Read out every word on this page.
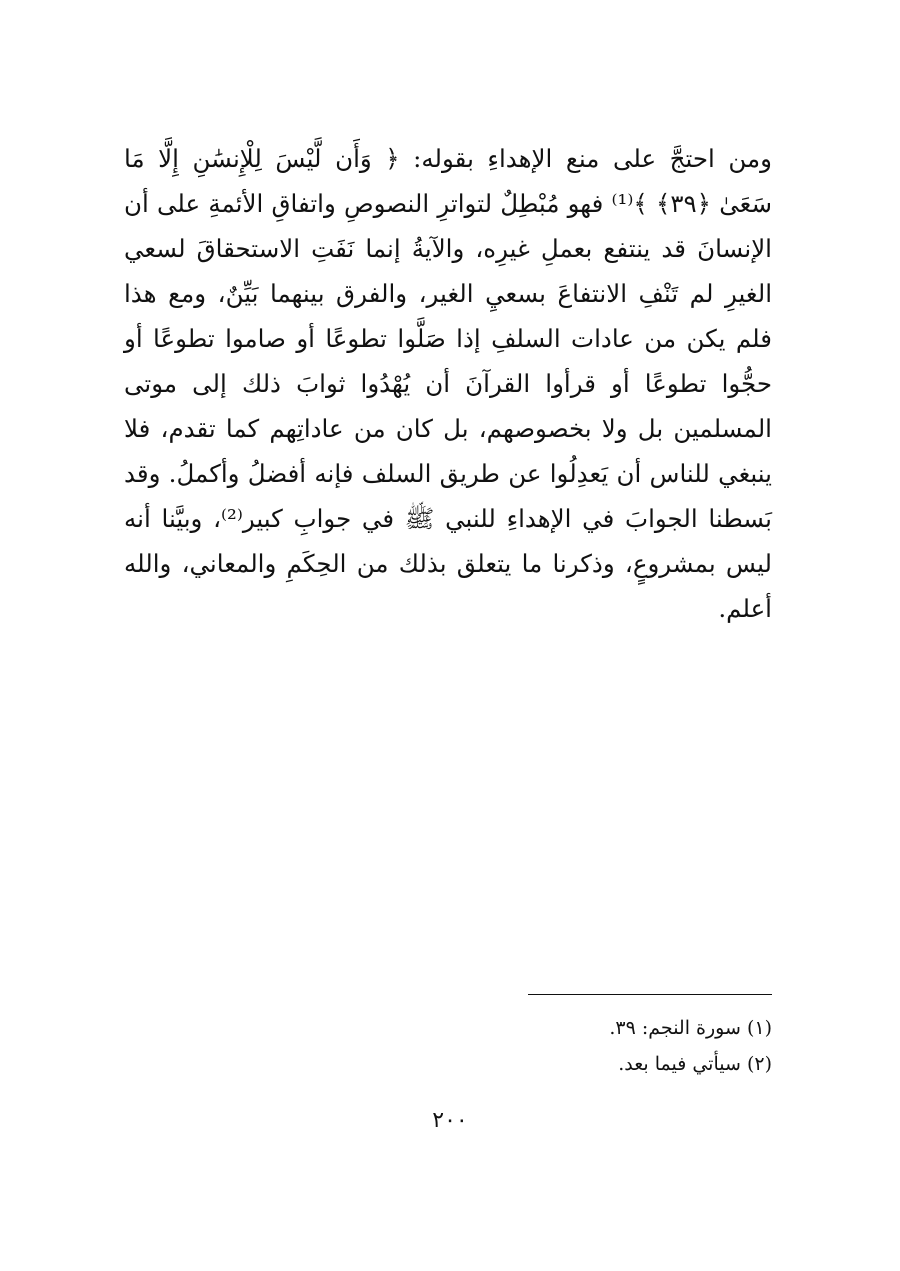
ومن احتجَّ على منع الإهداءِ بقوله: ﴿ وَأَن لَّيْسَ لِلْإِنسَٰنِ إِلَّا مَا
سَعَىٰ ﴿٣٩﴾ ﴾⁽¹⁾ فهو مُبْطِلٌ لتواترِ النصوصِ واتفاقِ الأئمةِ على أن
الإنسانَ قد ينتفع بعملِ غيرِه، والآيةُ إنما نَفَتِ الاستحقاقَ لسعي
الغيرِ لم تَنْفِ الانتفاعَ بسعيِ الغير، والفرق بينهما بَيِّنٌ، ومع هذا
فلم يكن من عادات السلفِ إذا صَلَّوا تطوعًا أو صاموا تطوعًا أو
حجُّوا تطوعًا أو قرأوا القرآنَ أن يُهْدُوا ثوابَ ذلك إلى موتى
المسلمين بل ولا بخصوصهم، بل كان من عاداتِهم كما تقدم، فلا
ينبغي للناس أن يَعدِلُوا عن طريق السلف فإنه أفضلُ وأكملُ. وقد
بَسطنا الجوابَ في الإهداءِ للنبي ﷺ في جوابِ كبير⁽²⁾، وبيَّنا أنه
ليس بمشروعٍ، وذكرنا ما يتعلق بذلك من الحِكَمِ والمعاني، والله
أعلم.
(١) سورة النجم: ٣٩.
(٢) سيأتي فيما بعد.
٢٠٠
